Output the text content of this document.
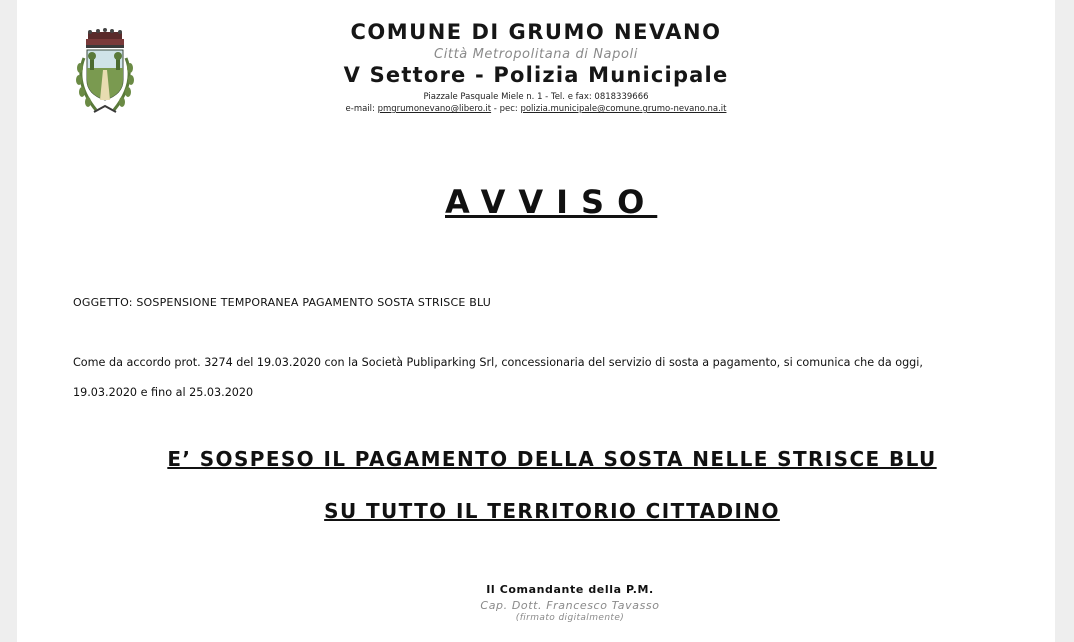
COMUNE DI GRUMO NEVANO

Città Metropolitana di Napoli

V Settore - Polizia Municipale

Piazzale Pasquale Miele n. 1 - Tel. e fax: 0818339666

e-mail: pmgrumonevano@libero.it - pec: polizia.municipale@comune.grumo-nevano.na.it

AVVISO

OGGETTO: SOSPENSIONE TEMPORANEA PAGAMENTO SOSTA STRISCE BLU

Come da accordo prot. 3274 del 19.03.2020 con la Società Publiparking Srl, concessionaria del servizio di sosta a pagamento, si comunica che da oggi,

19.03.2020 e fino al 25.03.2020

E’ SOSPESO IL PAGAMENTO DELLA SOSTA NELLE STRISCE BLU

SU TUTTO IL TERRITORIO CITTADINO

Il Comandante della P.M.

Cap. Dott. Francesco Tavasso

(firmato digitalmente)
